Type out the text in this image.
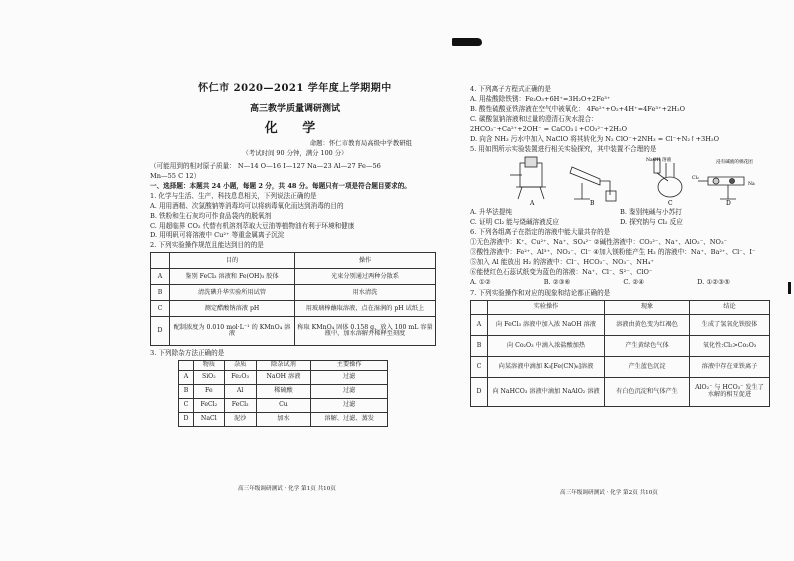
怀仁市 2020—2021 学年度上学期期中
高三教学质量调研测试
化 学
命题：怀仁市教育局高级中学教研组
（考试时间 90 分钟，满分 100 分）
（可能用到的相对原子质量： N—14 O—16 I—127 Na—23 Al—27 Fe—56
Mn—55 C 12）
一、选择题：本题共 24 小题，每题 2 分，共 48 分。每题只有一项是符合题目要求的。
1. 化学与生活、生产、科技息息相关，下列说法正确的是
A. 用用酒精、次氯酸钠等消毒均可以将病毒氧化而达到消毒的目的
B. 铁粉和生石灰均可作食品袋内的脱氧剂
C. 用超临界 CO₂ 代替有机溶剂萃取大豆油等植物油有利于环境和健康
D. 用明矾可将溶液中 Cu²⁺ 等重金属离子沉淀
2. 下列实验操作规范且能达到目的的是
	目的	操作
A	鉴别 FeCl₃ 溶液和 Fe(OH)₃ 胶体	光束分别通过两种分散系
B	清洗碘升华实验所用试管	用水清洗
C	测定醋酸钠溶液 pH	用玻璃棒蘸取溶液，点在湿润的 pH 试纸上
D	配制浓度为 0.010 mol·L⁻¹ 的 KMnO₄ 溶液	称取 KMnO₄ 固体 0.158 g，放入 100 mL 容量瓶中，加水溶解并稀释至刻度
3. 下列除杂方法正确的是
	物质	杂质	除杂试剂	主要操作
A	SiO₂	Fe₂O₃	NaOH 溶液	过滤
B	Fe	Al	稀硫酸	过滤
C	FeCl₂	FeCl₃	Cu	过滤
D	NaCl	泥沙	加水	溶解、过滤、蒸发
高三年级调研测试 · 化学 第1页 共10页
4. 下列离子方程式正确的是
A. 用盐酸除铁锈：Fe₂O₃+6H⁺=3H₂O+2Fe³⁺
B. 酸性硫酸亚铁溶液在空气中被氧化： 4Fe²⁺+O₂+4H⁺=4Fe³⁺+2H₂O
C. 碳酸氢钠溶液和过量的澄清石灰水混合：
2HCO₃⁻+Ca²⁺+2OH⁻ = CaCO₃↓+CO₃²⁻+2H₂O
D. 向含 NH₃ 污水中加入 NaClO 将其转化为 N₂ ClO⁻+2NH₃ = Cl⁻+N₂↑+3H₂O
5. 用如图所示实验装置进行相关实验探究，其中装置不合理的是
A	B	C	D
NaOH 溶液	浸有碱液的棉花团
Cl₂
Na
A. 升华法提纯	B. 鉴别纯碱与小苏打
C. 证明 Cl₂ 能与烧碱溶液反应	D. 探究钠与 Cl₂ 反应
6. 下列各组离子在指定的溶液中能大量共存的是
①无色溶液中：K⁺、Cu²⁺、Na⁺、SO₄²⁻ ②碱性溶液中：CO₃²⁻、Na⁺、AlO₂⁻、NO₃⁻
③酸性溶液中：Fe²⁺、Al³⁺、NO₃⁻、Cl⁻ ④加入镁粉能产生 H₂ 的溶液中：Na⁺、Ba²⁺、Cl⁻、I⁻
⑤加入 Al 能放出 H₂ 的溶液中：Cl⁻、HCO₃⁻、NO₃⁻、NH₄⁺
⑥能使红色石蕊试纸变为蓝色的溶液：Na⁺、Cl⁻、S²⁻、ClO⁻
A. ①②	B. ②③⑥	C. ②④	D. ①②③⑤
7. 下列实验操作和对应的现象和结论都正确的是
	实验操作	现象	结论
A	向 FeCl₃ 溶液中加入浓 NaOH 溶液	溶液由黄色变为红褐色	生成了氢氧化铁胶体
B	向 Co₂O₃ 中滴入浓盐酸加热	产生黄绿色气体	氧化性:Cl₂>Co₂O₃
C	向某溶液中滴加 K₃[Fe(CN)₆]溶液	产生蓝色沉淀	溶液中存在亚铁离子
D	向 NaHCO₃ 溶液中滴加 NaAlO₂ 溶液	有白色沉淀和气体产生	AlO₂⁻ 与 HCO₃⁻ 发生了水解的相互促进
高三年级调研测试 · 化学 第2页 共10页
